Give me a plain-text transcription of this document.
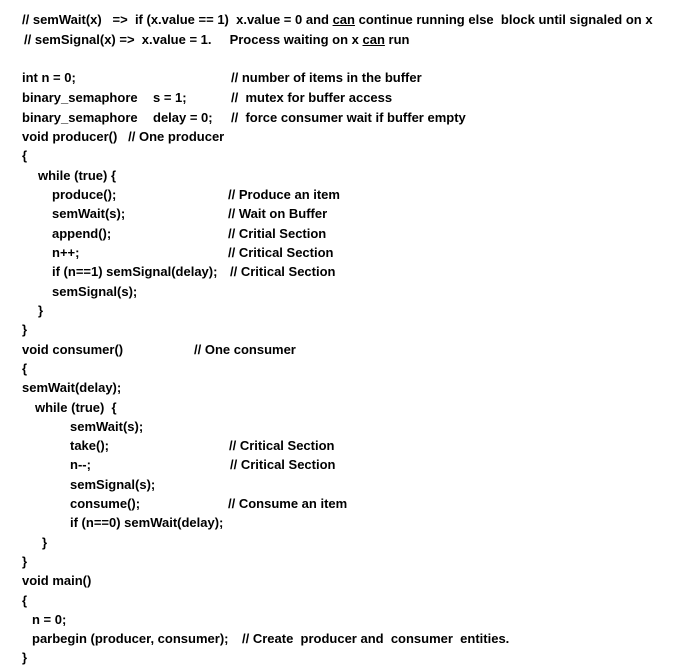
// semWait(x)   =>  if (x.value == 1)  x.value = 0 and can continue running else  block until signaled on x
// semSignal(x) =>  x.value = 1.     Process waiting on x can run
int n = 0;	// number of items in the buffer
binary_semaphore s = 1;	//  mutex for buffer access
binary_semaphore delay = 0; //  force consumer wait if buffer empty
void producer()   // One producer
{
while (true) {
produce();	// Produce an item
semWait(s);	// Wait on Buffer
append();	// Critial Section
n++;	// Critical Section
if (n==1) semSignal(delay); // Critical Section
semSignal(s);
}
}
void consumer()	// One consumer
{
semWait(delay);
while (true)  {
semWait(s);
take();	// Critical Section
n--;	// Critical Section
semSignal(s);
consume();	// Consume an item
if (n==0) semWait(delay);
}
}
void main()
{
n = 0;
parbegin (producer, consumer); // Create  producer and  consumer  entities.
}
